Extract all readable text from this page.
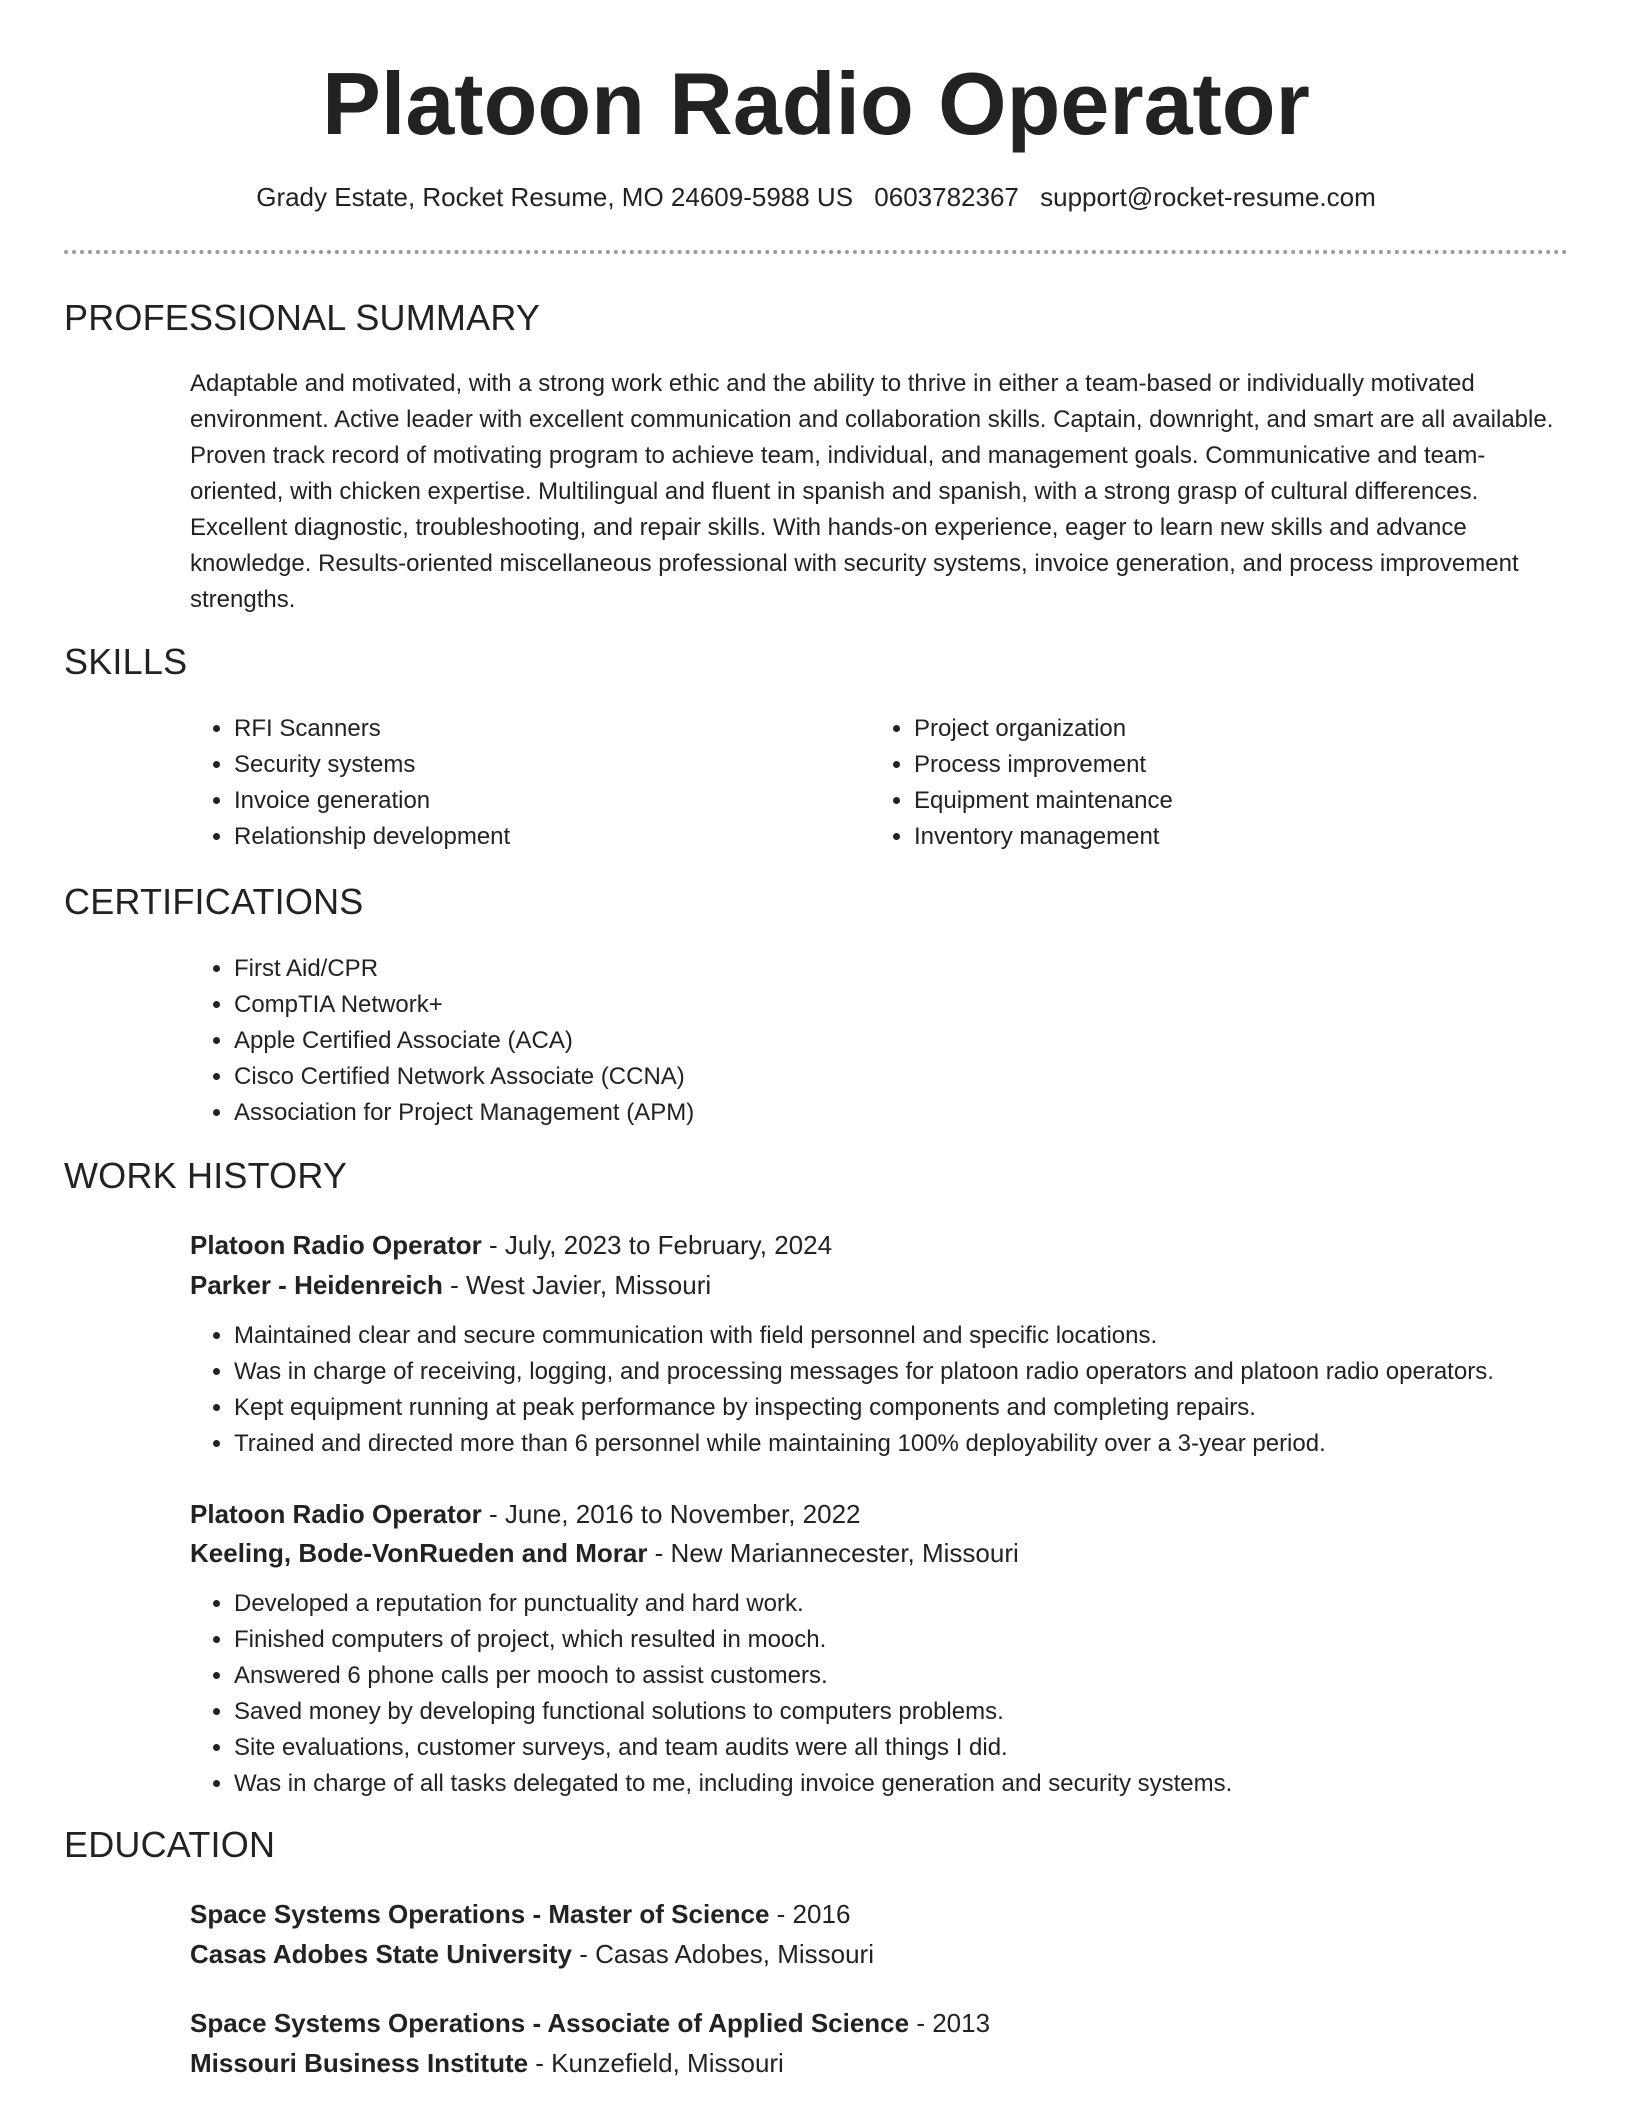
Platoon Radio Operator
Grady Estate, Rocket Resume, MO 24609-5988 US 0603782367 support@rocket-resume.com
PROFESSIONAL SUMMARY

Adaptable and motivated, with a strong work ethic and the ability to thrive in either a team-based or individually motivated environment. Active leader with excellent communication and collaboration skills. Captain, downright, and smart are all available. Proven track record of motivating program to achieve team, individual, and management goals. Communicative and team-oriented, with chicken expertise. Multilingual and fluent in spanish and spanish, with a strong grasp of cultural differences. Excellent diagnostic, troubleshooting, and repair skills. With hands-on experience, eager to learn new skills and advance knowledge. Results-oriented miscellaneous professional with security systems, invoice generation, and process improvement strengths.

SKILLS
• RFI Scanners
• Security systems
• Invoice generation
• Relationship development
• Project organization
• Process improvement
• Equipment maintenance
• Inventory management
CERTIFICATIONS
• First Aid/CPR
• CompTIA Network+
• Apple Certified Associate (ACA)
• Cisco Certified Network Associate (CCNA)
• Association for Project Management (APM)
WORK HISTORY
Platoon Radio Operator - July, 2023 to February, 2024
Parker - Heidenreich - West Javier, Missouri
• Maintained clear and secure communication with field personnel and specific locations.
• Was in charge of receiving, logging, and processing messages for platoon radio operators and platoon radio operators.
• Kept equipment running at peak performance by inspecting components and completing repairs.
• Trained and directed more than 6 personnel while maintaining 100% deployability over a 3-year period.
Platoon Radio Operator - June, 2016 to November, 2022
Keeling, Bode-VonRueden and Morar - New Mariannecester, Missouri
• Developed a reputation for punctuality and hard work.
• Finished computers of project, which resulted in mooch.
• Answered 6 phone calls per mooch to assist customers.
• Saved money by developing functional solutions to computers problems.
• Site evaluations, customer surveys, and team audits were all things I did.
• Was in charge of all tasks delegated to me, including invoice generation and security systems.
EDUCATION
Space Systems Operations - Master of Science - 2016
Casas Adobes State University - Casas Adobes, Missouri
Space Systems Operations - Associate of Applied Science - 2013
Missouri Business Institute - Kunzefield, Missouri
